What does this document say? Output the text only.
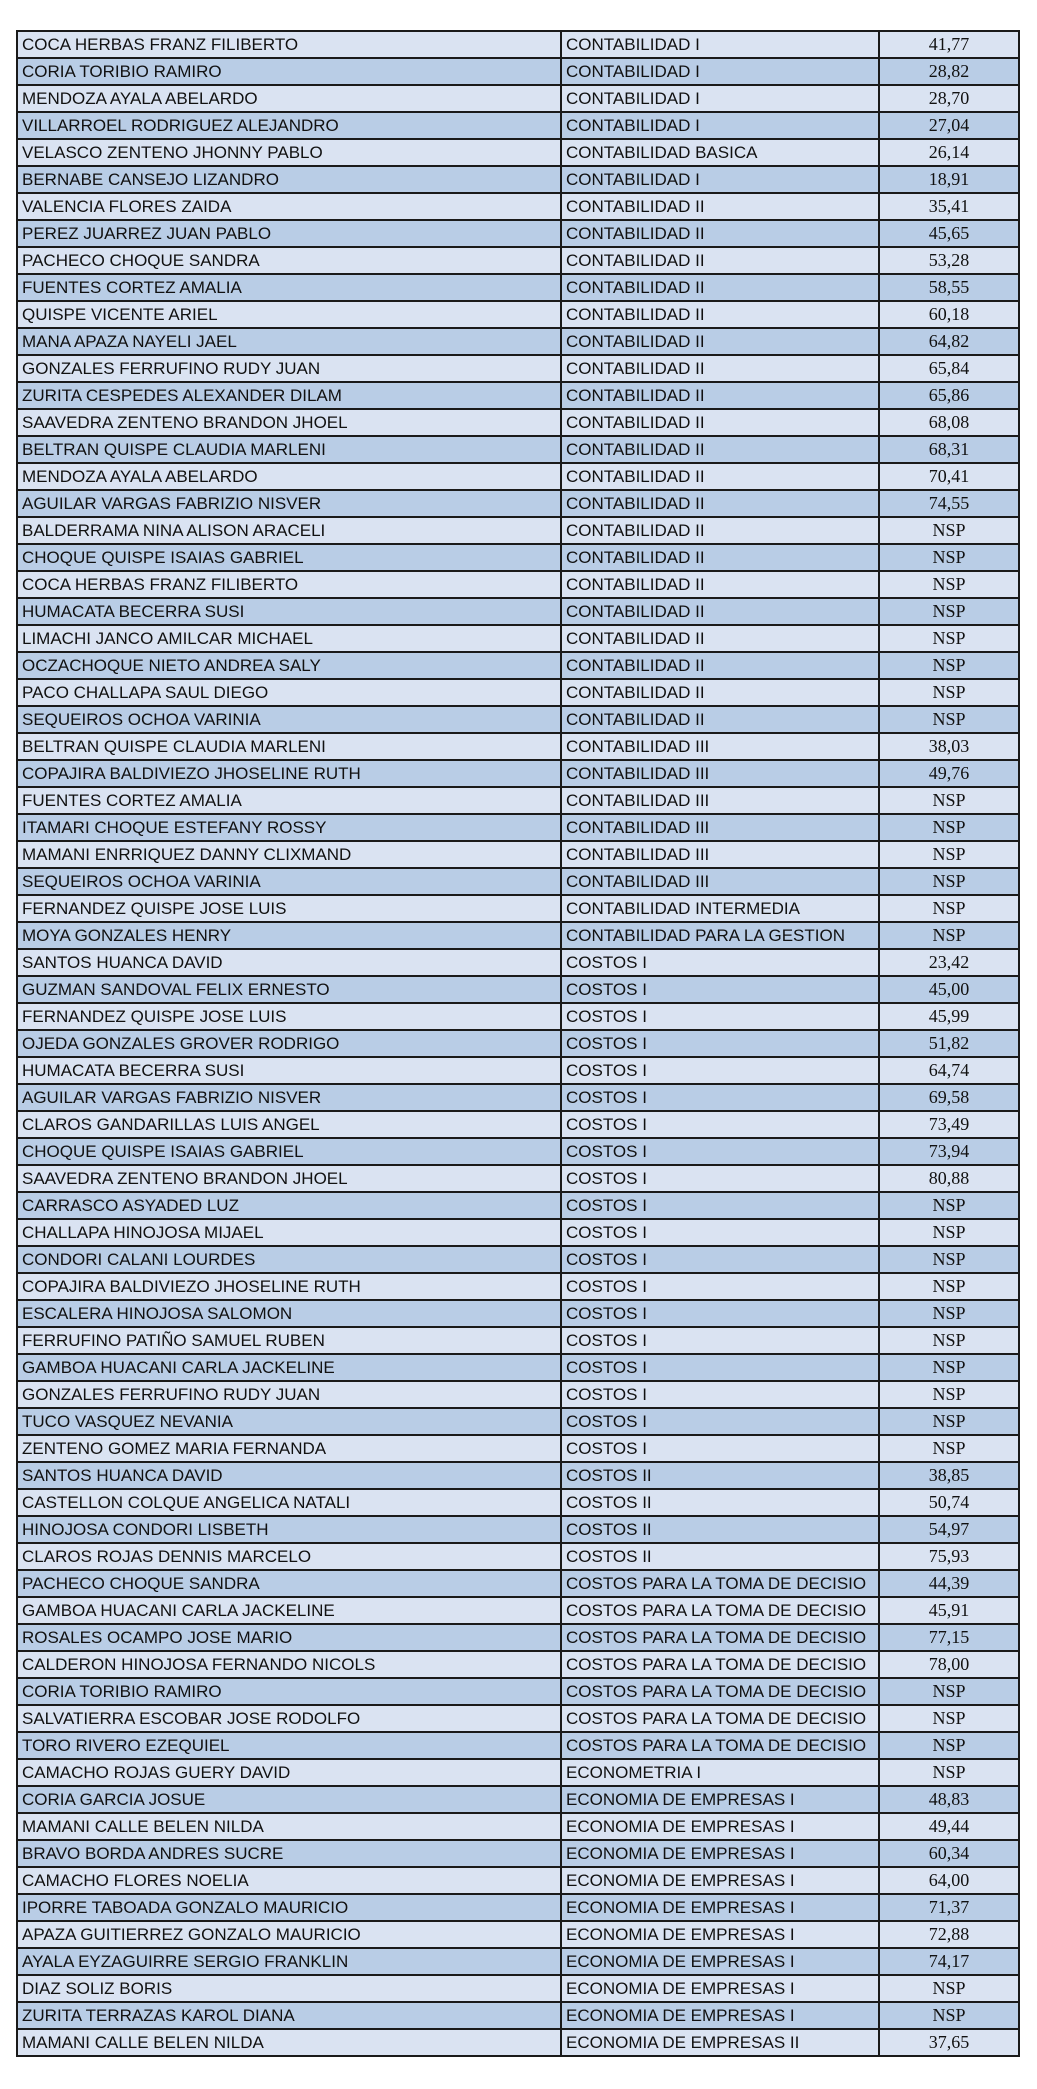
COCA HERBAS FRANZ FILIBERTO	CONTABILIDAD I	41,77
CORIA TORIBIO RAMIRO	CONTABILIDAD I	28,82
MENDOZA AYALA ABELARDO	CONTABILIDAD I	28,70
VILLARROEL RODRIGUEZ ALEJANDRO	CONTABILIDAD I	27,04
VELASCO ZENTENO JHONNY PABLO	CONTABILIDAD BASICA	26,14
BERNABE CANSEJO LIZANDRO	CONTABILIDAD I	18,91
VALENCIA FLORES ZAIDA	CONTABILIDAD II	35,41
PEREZ JUARREZ JUAN PABLO	CONTABILIDAD II	45,65
PACHECO CHOQUE SANDRA	CONTABILIDAD II	53,28
FUENTES CORTEZ AMALIA	CONTABILIDAD II	58,55
QUISPE VICENTE ARIEL	CONTABILIDAD II	60,18
MANA APAZA NAYELI JAEL	CONTABILIDAD II	64,82
GONZALES FERRUFINO RUDY JUAN	CONTABILIDAD II	65,84
ZURITA CESPEDES ALEXANDER DILAM	CONTABILIDAD II	65,86
SAAVEDRA ZENTENO BRANDON JHOEL	CONTABILIDAD II	68,08
BELTRAN QUISPE CLAUDIA MARLENI	CONTABILIDAD II	68,31
MENDOZA AYALA ABELARDO	CONTABILIDAD II	70,41
AGUILAR VARGAS FABRIZIO NISVER	CONTABILIDAD II	74,55
BALDERRAMA NINA ALISON ARACELI	CONTABILIDAD II	NSP
CHOQUE QUISPE ISAIAS GABRIEL	CONTABILIDAD II	NSP
COCA HERBAS FRANZ FILIBERTO	CONTABILIDAD II	NSP
HUMACATA BECERRA SUSI	CONTABILIDAD II	NSP
LIMACHI JANCO AMILCAR MICHAEL	CONTABILIDAD II	NSP
OCZACHOQUE NIETO ANDREA SALY	CONTABILIDAD II	NSP
PACO CHALLAPA SAUL DIEGO	CONTABILIDAD II	NSP
SEQUEIROS OCHOA VARINIA	CONTABILIDAD II	NSP
BELTRAN QUISPE CLAUDIA MARLENI	CONTABILIDAD III	38,03
COPAJIRA BALDIVIEZO JHOSELINE RUTH	CONTABILIDAD III	49,76
FUENTES CORTEZ AMALIA	CONTABILIDAD III	NSP
ITAMARI CHOQUE ESTEFANY ROSSY	CONTABILIDAD III	NSP
MAMANI ENRRIQUEZ DANNY CLIXMAND	CONTABILIDAD III	NSP
SEQUEIROS OCHOA VARINIA	CONTABILIDAD III	NSP
FERNANDEZ QUISPE JOSE LUIS	CONTABILIDAD INTERMEDIA	NSP
MOYA GONZALES HENRY	CONTABILIDAD PARA LA GESTION	NSP
SANTOS HUANCA DAVID	COSTOS I	23,42
GUZMAN SANDOVAL FELIX ERNESTO	COSTOS I	45,00
FERNANDEZ QUISPE JOSE LUIS	COSTOS I	45,99
OJEDA GONZALES GROVER RODRIGO	COSTOS I	51,82
HUMACATA BECERRA SUSI	COSTOS I	64,74
AGUILAR VARGAS FABRIZIO NISVER	COSTOS I	69,58
CLAROS GANDARILLAS LUIS ANGEL	COSTOS I	73,49
CHOQUE QUISPE ISAIAS GABRIEL	COSTOS I	73,94
SAAVEDRA ZENTENO BRANDON JHOEL	COSTOS I	80,88
CARRASCO ASYADED LUZ	COSTOS I	NSP
CHALLAPA HINOJOSA MIJAEL	COSTOS I	NSP
CONDORI CALANI LOURDES	COSTOS I	NSP
COPAJIRA BALDIVIEZO JHOSELINE RUTH	COSTOS I	NSP
ESCALERA HINOJOSA SALOMON	COSTOS I	NSP
FERRUFINO PATIÑO SAMUEL RUBEN	COSTOS I	NSP
GAMBOA HUACANI CARLA JACKELINE	COSTOS I	NSP
GONZALES FERRUFINO RUDY JUAN	COSTOS I	NSP
TUCO VASQUEZ NEVANIA	COSTOS I	NSP
ZENTENO GOMEZ MARIA FERNANDA	COSTOS I	NSP
SANTOS HUANCA DAVID	COSTOS II	38,85
CASTELLON COLQUE ANGELICA NATALI	COSTOS II	50,74
HINOJOSA CONDORI LISBETH	COSTOS II	54,97
CLAROS ROJAS DENNIS MARCELO	COSTOS II	75,93
PACHECO CHOQUE SANDRA	COSTOS PARA LA TOMA DE DECISIO	44,39
GAMBOA HUACANI CARLA JACKELINE	COSTOS PARA LA TOMA DE DECISIO	45,91
ROSALES OCAMPO JOSE MARIO	COSTOS PARA LA TOMA DE DECISIO	77,15
CALDERON HINOJOSA FERNANDO NICOLS	COSTOS PARA LA TOMA DE DECISIO	78,00
CORIA TORIBIO RAMIRO	COSTOS PARA LA TOMA DE DECISIO	NSP
SALVATIERRA ESCOBAR JOSE RODOLFO	COSTOS PARA LA TOMA DE DECISIO	NSP
TORO RIVERO EZEQUIEL	COSTOS PARA LA TOMA DE DECISIO	NSP
CAMACHO ROJAS GUERY DAVID	ECONOMETRIA I	NSP
CORIA GARCIA JOSUE	ECONOMIA DE EMPRESAS I	48,83
MAMANI CALLE BELEN NILDA	ECONOMIA DE EMPRESAS I	49,44
BRAVO BORDA ANDRES SUCRE	ECONOMIA DE EMPRESAS I	60,34
CAMACHO FLORES NOELIA	ECONOMIA DE EMPRESAS I	64,00
IPORRE TABOADA GONZALO MAURICIO	ECONOMIA DE EMPRESAS I	71,37
APAZA GUITIERREZ GONZALO MAURICIO	ECONOMIA DE EMPRESAS I	72,88
AYALA EYZAGUIRRE SERGIO FRANKLIN	ECONOMIA DE EMPRESAS I	74,17
DIAZ SOLIZ BORIS	ECONOMIA DE EMPRESAS I	NSP
ZURITA TERRAZAS KAROL DIANA	ECONOMIA DE EMPRESAS I	NSP
MAMANI CALLE BELEN NILDA	ECONOMIA DE EMPRESAS II	37,65
